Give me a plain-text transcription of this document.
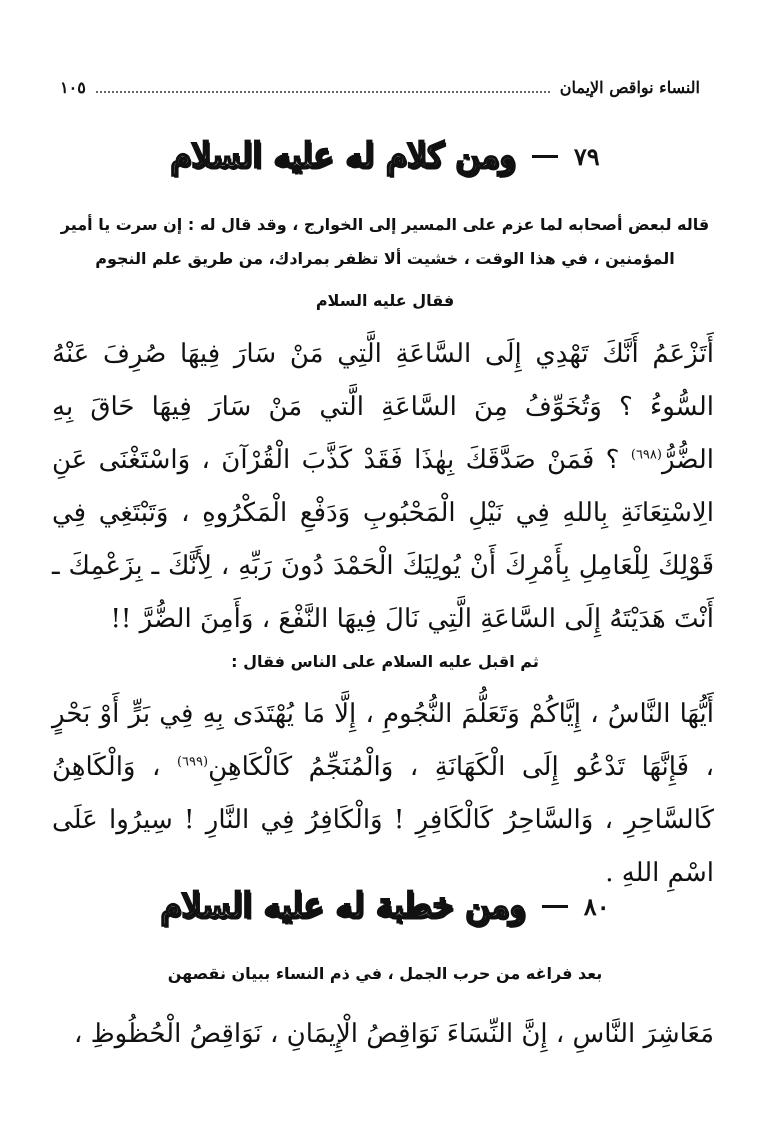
النساء نواقص الإيمان
١٠٥
٧٩
ومن كلام له عليه السلام
قاله لبعض أصحابه لما عزم على المسير إلى الخوارج ، وقد قال له : إن سرت يا أمير
المؤمنين ، في هذا الوقت ، خشيت ألا تظفر بمرادك، من طريق علم النجوم
فقال عليه السلام
أَتَزْعَمُ أَنَّكَ تَهْدِي إِلَى السَّاعَةِ الَّتِي مَنْ سَارَ فِيهَا صُرِفَ عَنْهُ السُّوءُ ؟ وَتُخَوِّفُ مِنَ السَّاعَةِ الَّتي مَنْ سَارَ فِيهَا حَاقَ بِهِ الضُّرُّ$^{(٦٩٨)}$ ؟ فَمَنْ صَدَّقَكَ بِهٰذَا فَقَدْ كَذَّبَ الْقُرْآنَ ، وَاسْتَغْنَى عَنِ الِاسْتِعَانَةِ بِاللهِ فِي نَيْلِ الْمَحْبُوبِ وَدَفْعِ الْمَكْرُوهِ ، وَتَبْتَغِي فِي قَوْلِكَ لِلْعَامِلِ بِأَمْرِكَ أَنْ يُولِيَكَ الْحَمْدَ دُونَ رَبِّهِ ، لِأَنَّكَ ـ بِزَعْمِكَ ـ أَنْتَ هَدَيْتَهُ إِلَى السَّاعَةِ الَّتِي نَالَ فِيهَا النَّفْعَ ، وَأَمِنَ الضُّرَّ !!
ثم اقبل عليه السلام على الناس فقال :
أَيُّهَا النَّاسُ ، إِيَّاكُمْ وَتَعَلُّمَ النُّجُومِ ، إِلَّا مَا يُهْتَدَى بِهِ فِي بَرٍّ أَوْ بَحْرٍ ، فَإِنَّهَا تَدْعُو إِلَى الْكَهَانَةِ ، وَالْمُنَجِّمُ كَالْكَاهِنِ$^{(٦٩٩)}$ ، وَالْكَاهِنُ كَالسَّاحِرِ ، وَالسَّاحِرُ كَالْكَافِرِ ! وَالْكَافِرُ فِي النَّارِ ! سِيرُوا عَلَى اسْمِ اللهِ .
٨٠
ومن خطبة له عليه السلام
بعد فراغه من حرب الجمل ، في ذم النساء ببيان نقصهن
مَعَاشِرَ النَّاسِ ، إِنَّ النِّسَاءَ نَوَاقِصُ الْإِيمَانِ ، نَوَاقِصُ الْحُظُوظِ ،
